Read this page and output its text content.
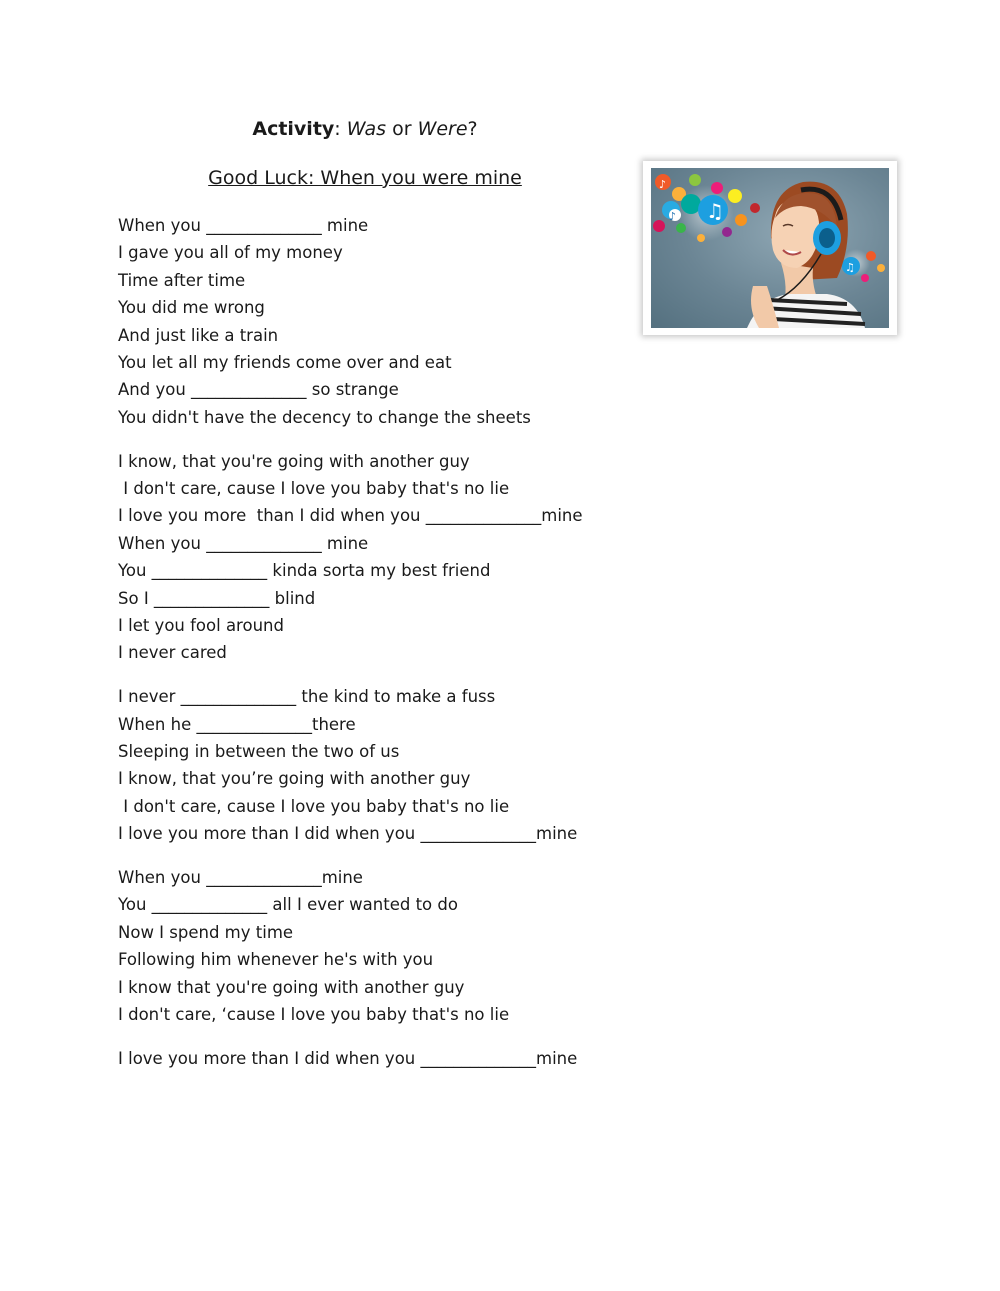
Activity: Was or Were?
Good Luck: When you were mine
♫
♪
♪
♫
When you ______________ mine
I gave you all of my money
Time after time
You did me wrong
And just like a train
You let all my friends come over and eat
And you ______________ so strange
You didn't have the decency to change the sheets
I know, that you're going with another guy
I don't care, cause I love you baby that's no lie
I love you more  than I did when you ______________mine
When you ______________ mine
You ______________ kinda sorta my best friend
So I ______________ blind
I let you fool around
I never cared
I never ______________ the kind to make a fuss
When he ______________there
Sleeping in between the two of us
I know, that you’re going with another guy
I don't care, cause I love you baby that's no lie
I love you more than I did when you ______________mine
When you ______________mine
You ______________ all I ever wanted to do
Now I spend my time
Following him whenever he's with you
I know that you're going with another guy
I don't care, ‘cause I love you baby that's no lie
I love you more than I did when you ______________mine
